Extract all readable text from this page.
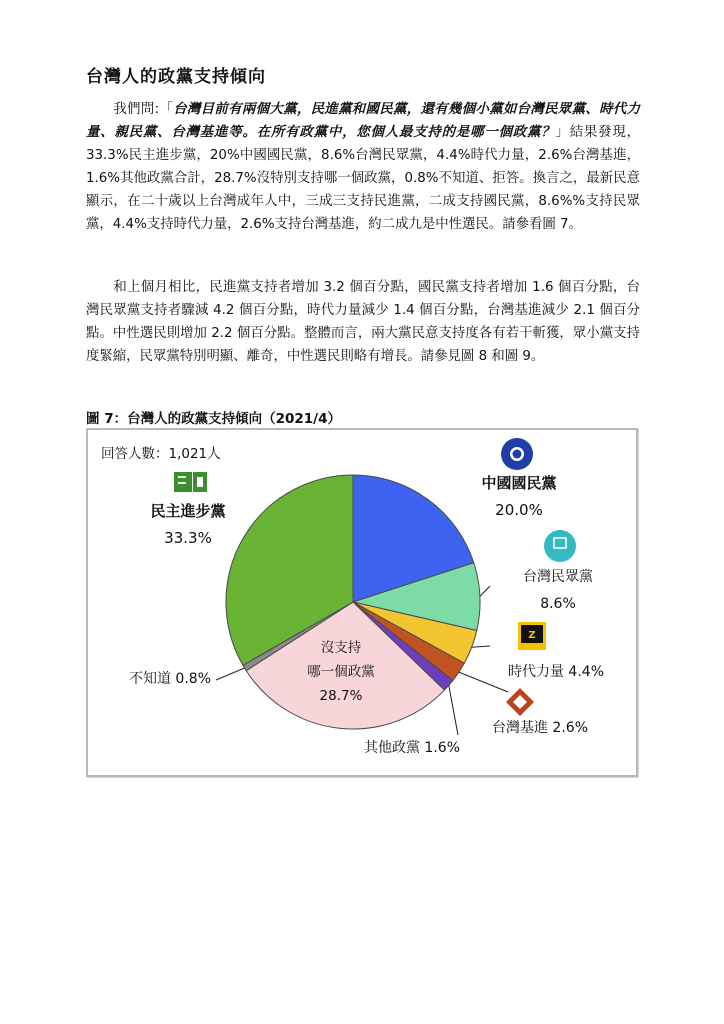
台灣人的政黨支持傾向
我們問:「台灣目前有兩個大黨，民進黨和國民黨，還有幾個小黨如台灣民眾黨、時代力量、親民黨、台灣基進等。在所有政黨中，您個人最支持的是哪一個政黨？」結果發現，33.3%民主進步黨，20%中國國民黨，8.6%台灣民眾黨，4.4%時代力量，2.6%台灣基進，1.6%其他政黨合計，28.7%沒特別支持哪一個政黨，0.8%不知道、拒答。換言之，最新民意顯示，在二十歲以上台灣成年人中，三成三支持民進黨，二成支持國民黨，8.6%%支持民眾黨，4.4%支持時代力量，2.6%支持台灣基進，約二成九是中性選民。請參看圖 7。
和上個月相比，民進黨支持者增加 3.2 個百分點，國民黨支持者增加 1.6 個百分點，台灣民眾黨支持者驟減 4.2 個百分點，時代力量減少 1.4 個百分點，台灣基進減少 2.1 個百分點。中性選民則增加 2.2 個百分點。整體而言，兩大黨民意支持度各有若干斬獲，眾小黨支持度緊縮，民眾黨特別明顯、離奇，中性選民則略有增長。請參見圖 8 和圖 9。
圖 7：台灣人的政黨支持傾向（2021/4）
回答人數：1,021人
民主進步黨
33.3%
中國國民黨
20.0%
台灣民眾黨
8.6%
Z
時代力量 4.4%
台灣基進 2.6%
其他政黨 1.6%
沒支持
哪一個政黨
28.7%
不知道 0.8%
